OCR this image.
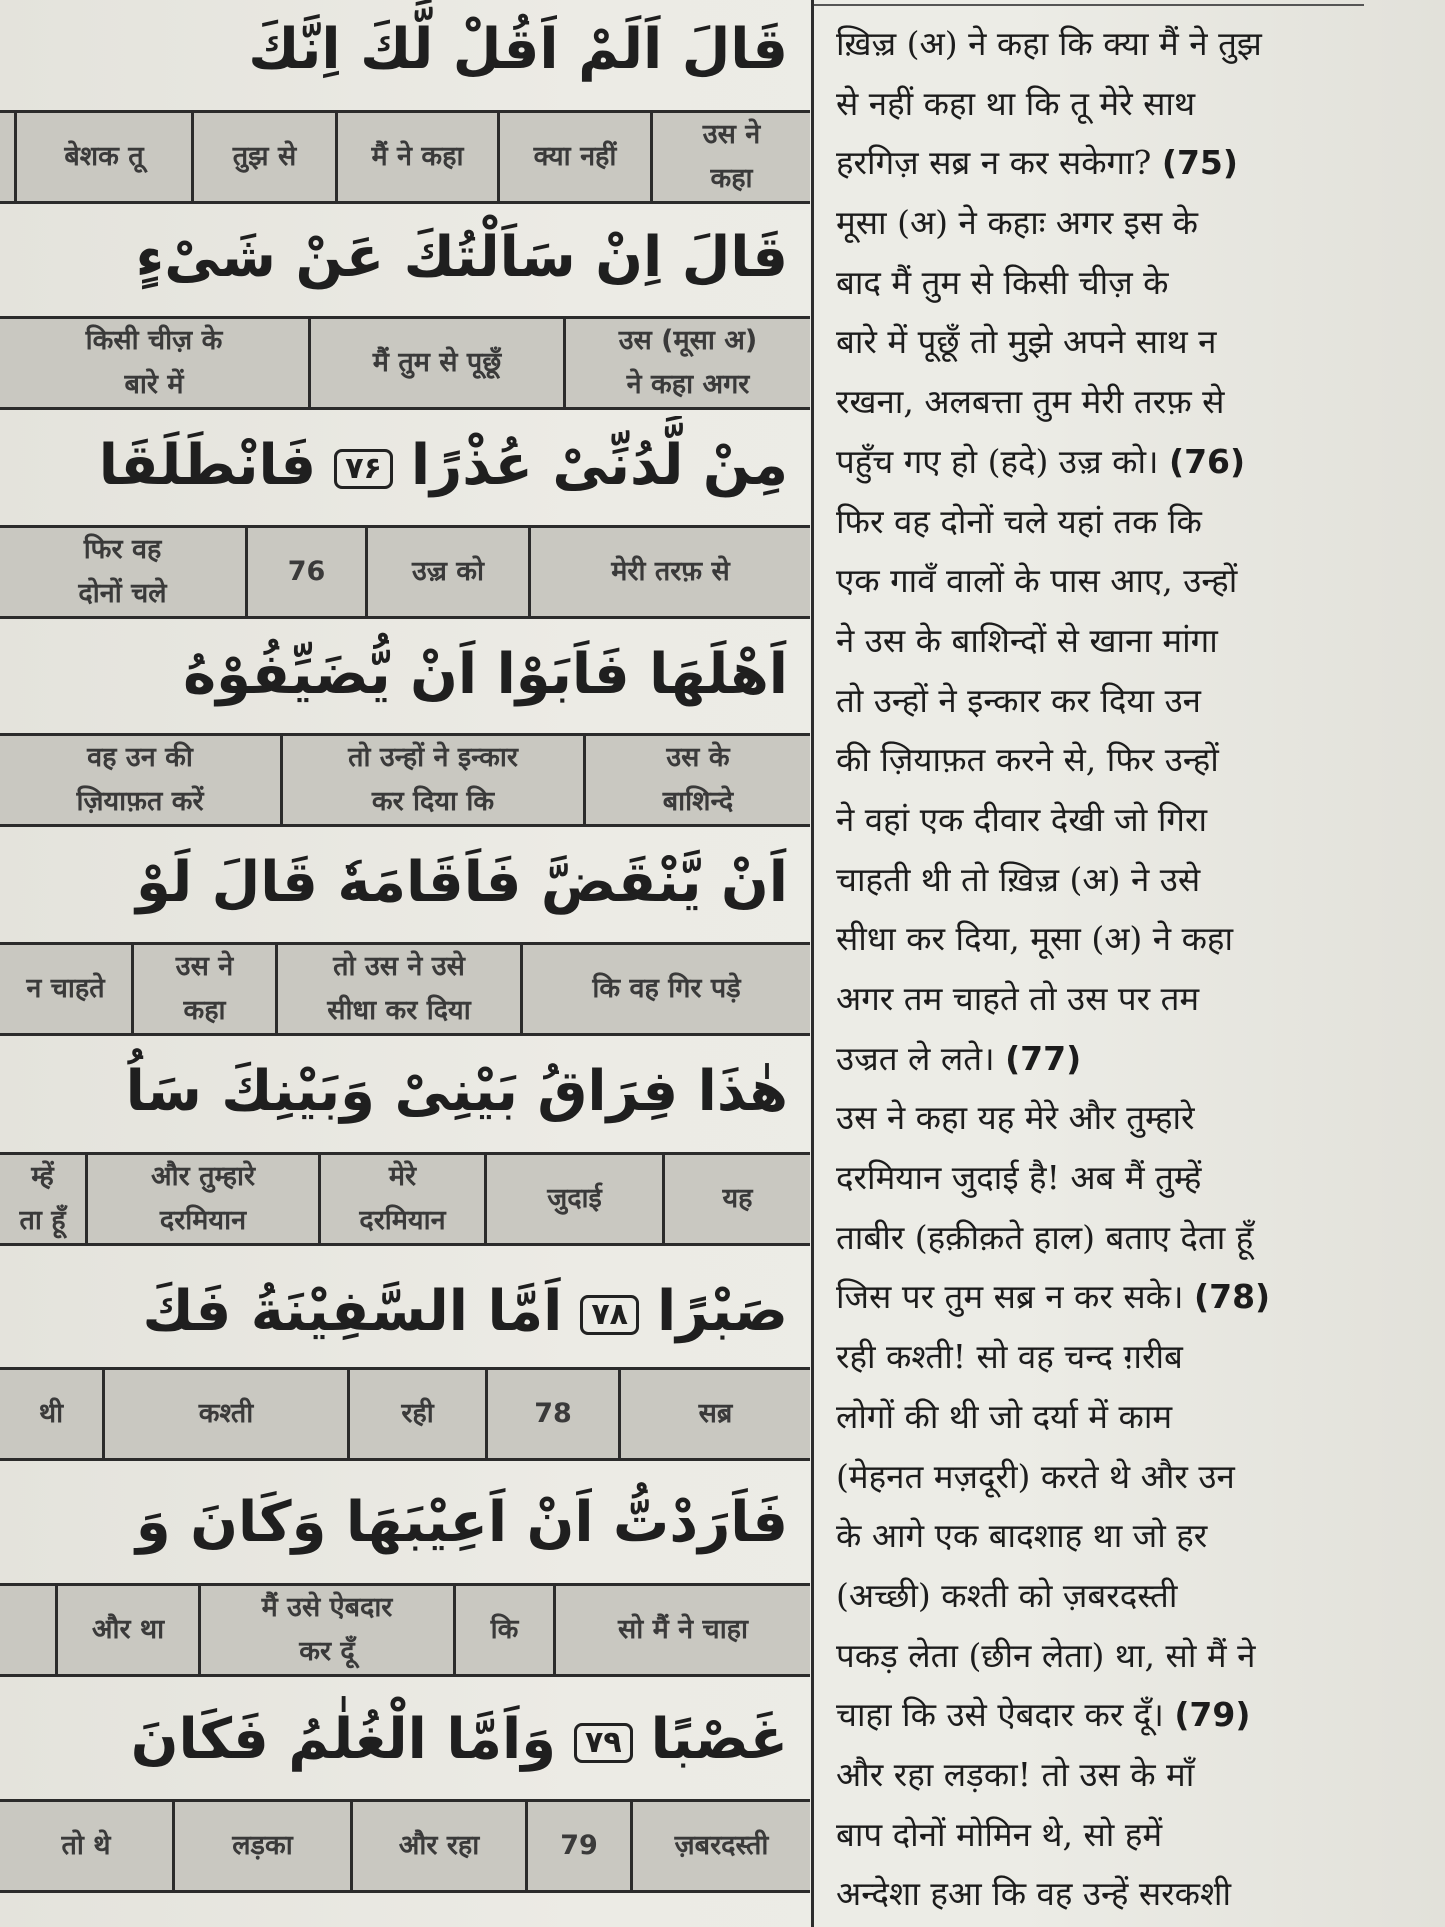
قَالَ اَلَمْ اَقُلْ لَّكَ اِنَّكَ
उस ने
कहा
क्या नहीं
मैं ने कहा
तुझ से
बेशक तू
قَالَ اِنْ سَاَلْتُكَ عَنْ شَیْءٍ
उस (मूसा अ)
ने कहा अगर
मैं तुम से पूछूँ
किसी चीज़ के
बारे में
مِنْ لَّدُنِّیْ عُذْرًا۷۶فَانْطَلَقَا
मेरी तरफ़ से
उज़्र को
76
फिर वह
दोनों चले
اَهْلَهَا فَاَبَوْا اَنْ یُّضَیِّفُوْهُ
उस के
बाशिन्दे
तो उन्हों ने इन्कार
कर दिया कि
वह उन की
ज़ियाफ़त करें
اَنْ یَّنْقَضَّ فَاَقَامَهٗ قَالَ لَوْ
कि वह गिर पड़े
तो उस ने उसे
सीधा कर दिया
उस ने
कहा
न चाहते
هٰذَا فِرَاقُ بَیْنِیْ وَبَیْنِكَ سَاُ
यह
जुदाई
मेरे
दरमियान
और तुम्हारे
दरमियान
म्हें
ता हूँ
صَبْرًا۷۸اَمَّا السَّفِیْنَةُ فَكَ
सब्र
78
रही
कश्ती
थी
فَاَرَدْتُّ اَنْ اَعِیْبَهَا وَكَانَ وَ
सो मैं ने चाहा
कि
मैं उसे ऐबदार
कर दूँ
और था
غَصْبًا۷۹وَاَمَّا الْغُلٰمُ فَكَانَ
ज़बरदस्ती
79
और रहा
लड़का
तो थे
ख़िज़्र (अ) ने कहा कि क्या मैं ने तुझ
से नहीं कहा था कि तू मेरे साथ
हरगिज़ सब्र न कर सकेगा? (75)
मूसा (अ) ने कहाः अगर इस के
बाद मैं तुम से किसी चीज़ के
बारे में पूछूँ तो मुझे अपने साथ न
रखना, अलबत्ता तुम मेरी तरफ़ से
पहुँच गए हो (हदे) उज़्र को। (76)
फिर वह दोनों चले यहां तक कि
एक गावँ वालों के पास आए, उन्हों
ने उस के बाशिन्दों से खाना मांगा
तो उन्हों ने इन्कार कर दिया उन
की ज़ियाफ़त करने से, फिर उन्हों
ने वहां एक दीवार देखी जो गिरा
चाहती थी तो ख़िज़्र (अ) ने उसे
सीधा कर दिया, मूसा (अ) ने कहा
अगर तम चाहते तो उस पर तम
उज्रत ले लते। (77)
उस ने कहा यह मेरे और तुम्हारे
दरमियान जुदाई है! अब मैं तुम्हें
ताबीर (हक़ीक़ते हाल) बताए देता हूँ
जिस पर तुम सब्र न कर सके। (78)
रही कश्ती! सो वह चन्द ग़रीब
लोगों की थी जो दर्या में काम
(मेहनत मज़दूरी) करते थे और उन
के आगे एक बादशाह था जो हर
(अच्छी) कश्ती को ज़बरदस्ती
पकड़ लेता (छीन लेता) था, सो मैं ने
चाहा कि उसे ऐबदार कर दूँ। (79)
और रहा लड़का! तो उस के माँ
बाप दोनों मोमिन थे, सो हमें
अन्देशा हआ कि वह उन्हें सरकशी
